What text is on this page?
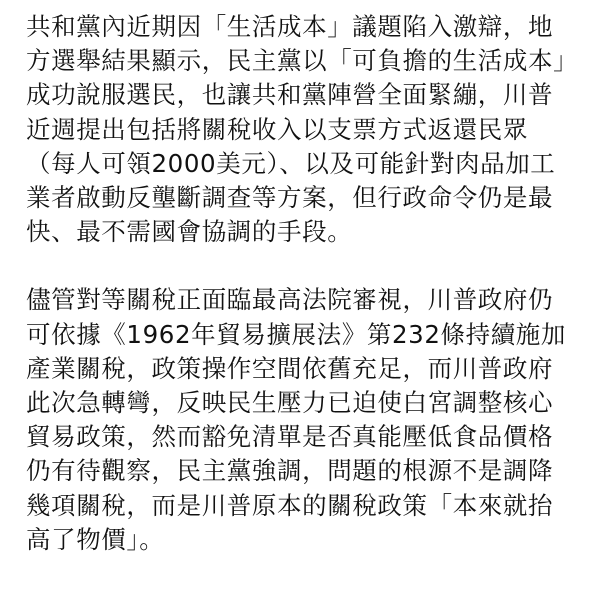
共和黨內近期因「生活成本」議題陷入激辯，地
方選舉結果顯示，民主黨以「可負擔的生活成本」
成功說服選民，也讓共和黨陣營全面緊繃，川普
近週提出包括將關稅收入以支票方式返還民眾
（每人可領2000美元）、以及可能針對肉品加工
業者啟動反壟斷調查等方案，但行政命令仍是最
快、最不需國會協調的手段。
儘管對等關稅正面臨最高法院審視，川普政府仍
可依據《1962年貿易擴展法》第232條持續施加
產業關稅，政策操作空間依舊充足，而川普政府
此次急轉彎，反映民生壓力已迫使白宮調整核心
貿易政策，然而豁免清單是否真能壓低食品價格
仍有待觀察，民主黨強調，問題的根源不是調降
幾項關稅，而是川普原本的關稅政策「本來就抬
高了物價」。
